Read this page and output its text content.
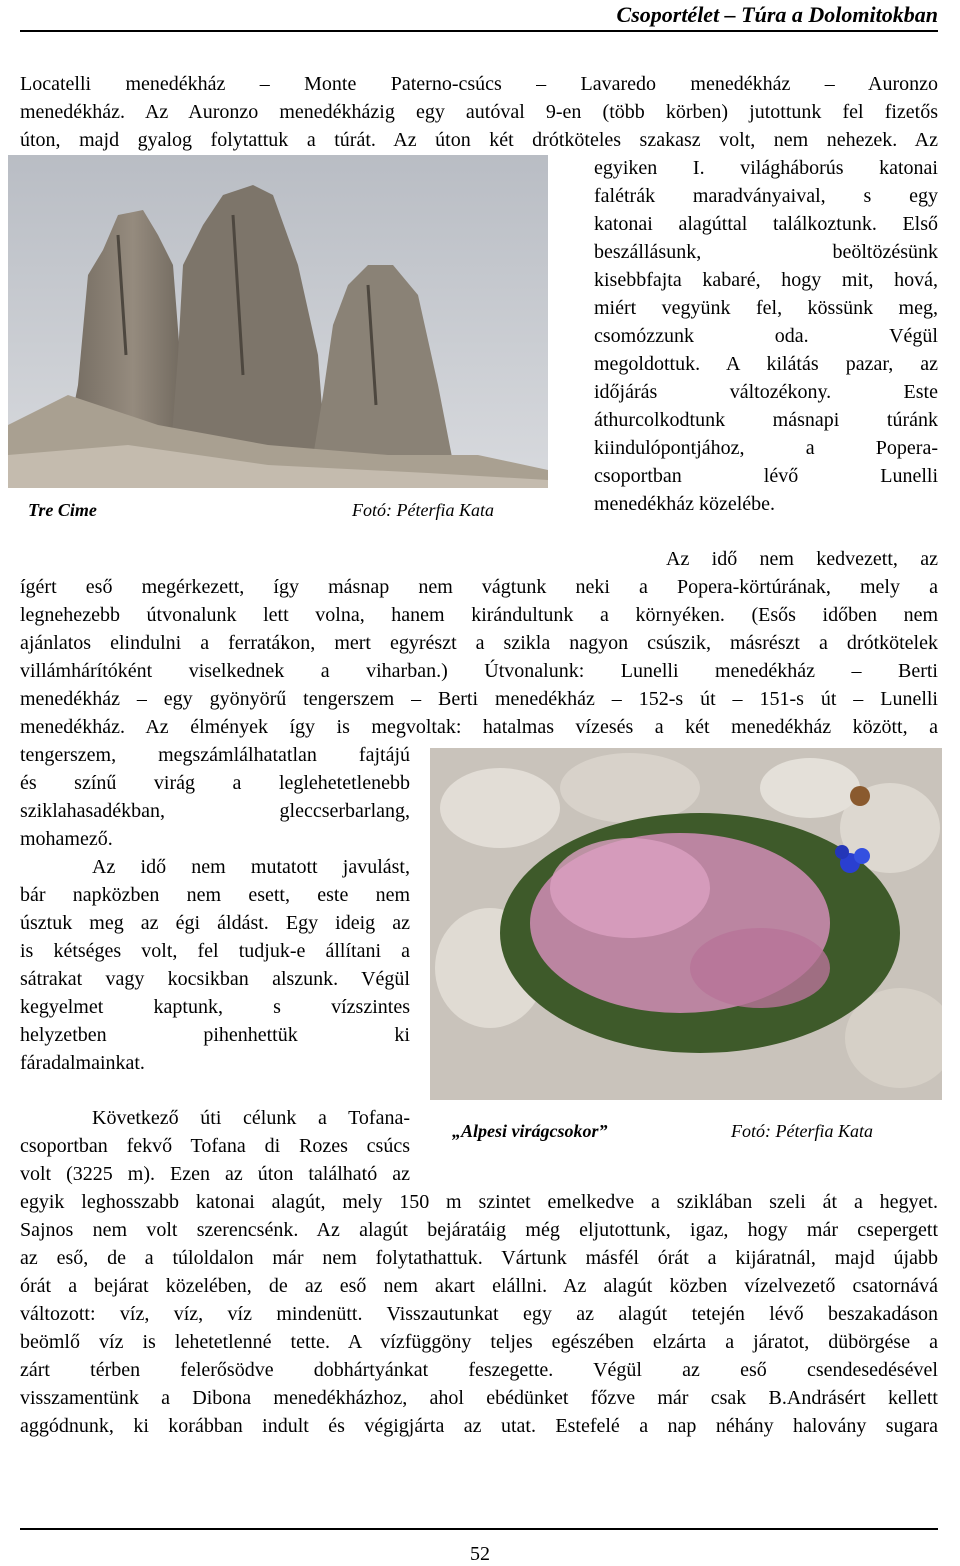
Csoportélet – Túra a Dolomitokban
Locatelli menedékház – Monte Paterno-csúcs – Lavaredo menedékház – Auronzo
menedékház. Az Auronzo menedékházig egy autóval 9-en (több körben) jutottunk fel fizetős
úton, majd gyalog folytattuk a túrát. Az úton két drótköteles szakasz volt, nem nehezek. Az
Tre Cime	Fotó: Péterfia Kata
egyiken I. világháborús katonai
falétrák maradványaival, s egy
katonai alagúttal találkoztunk. Első
beszállásunk, beöltözésünk
kisebbfajta kabaré, hogy mit, hová,
miért vegyünk fel, kössünk meg,
csomózzunk oda. Végül
megoldottuk. A kilátás pazar, az
időjárás változékony. Este
áthurcolkodtunk másnapi túránk
kiindulópontjához, a Popera-
csoportban lévő Lunelli
menedékház közelébe.
Az idő nem kedvezett, az
ígért eső megérkezett, így másnap nem vágtunk neki a Popera-körtúrának, mely a
legnehezebb útvonalunk lett volna, hanem kirándultunk a környéken. (Esős időben nem
ajánlatos elindulni a ferratákon, mert egyrészt a szikla nagyon csúszik, másrészt a drótkötelek
villámhárítóként viselkednek a viharban.) Útvonalunk: Lunelli menedékház – Berti
menedékház – egy gyönyörű tengerszem – Berti menedékház – 152-s út – 151-s út – Lunelli
menedékház. Az élmények így is megvoltak: hatalmas vízesés a két menedékház között, a
tengerszem, megszámlálhatatlan fajtájú
és színű virág a leglehetetlenebb
sziklahasadékban, gleccserbarlang,
mohamező.
Az idő nem mutatott javulást,
bár napközben nem esett, este nem
úsztuk meg az égi áldást. Egy ideig az
is kétséges volt, fel tudjuk-e állítani a
sátrakat vagy kocsikban alszunk. Végül
kegyelmet kaptunk, s vízszintes
helyzetben pihenhettük ki
fáradalmainkat.
„Alpesi virágcsokor”	Fotó: Péterfia Kata
Következő úti célunk a Tofana-
csoportban fekvő Tofana di Rozes csúcs
volt (3225 m). Ezen az úton található az
egyik leghosszabb katonai alagút, mely 150 m szintet emelkedve a sziklában szeli át a hegyet.
Sajnos nem volt szerencsénk. Az alagút bejáratáig még eljutottunk, igaz, hogy már csepergett
az eső, de a túloldalon már nem folytathattuk. Vártunk másfél órát a kijáratnál, majd újabb
órát a bejárat közelében, de az eső nem akart elállni. Az alagút közben vízelvezető csatornává
változott: víz, víz, víz mindenütt. Visszautunkat egy az alagút tetején lévő beszakadáson
beömlő víz is lehetetlenné tette. A vízfüggöny teljes egészében elzárta a járatot, dübörgése a
zárt térben felerősödve dobhártyánkat feszegette. Végül az eső csendesedésével
visszamentünk a Dibona menedékházhoz, ahol ebédünket főzve már csak B.Andrásért kellett
aggódnunk, ki korábban indult és végigjárta az utat. Estefelé a nap néhány halovány sugara
52
